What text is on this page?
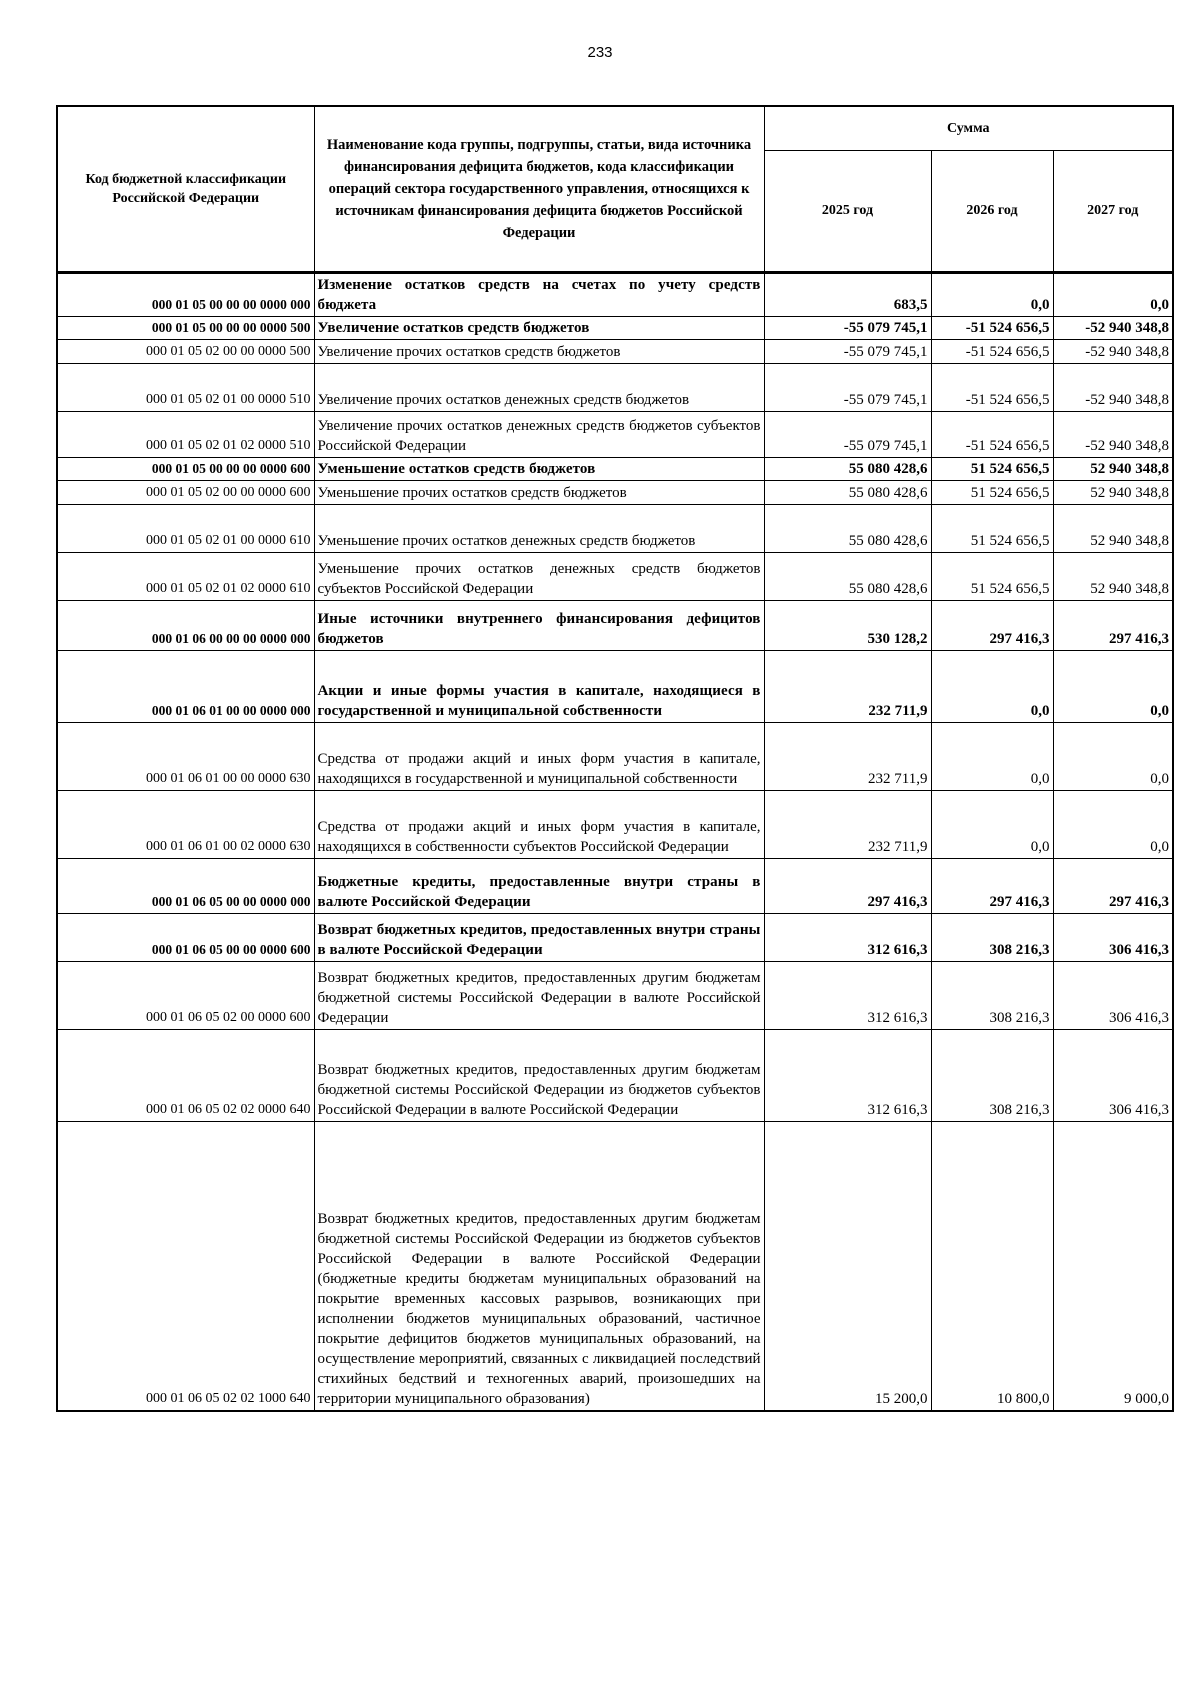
233
Код бюджетной классификации Российской Федерации	Наименование кода группы, подгруппы, статьи, вида источника финансирования дефицита бюджетов, кода классификации операций сектора государственного управления, относящихся к источникам финансирования дефицита бюджетов Российской Федерации	Сумма		
		2025 год	2026 год	2027 год
000 01 05 00 00 00 0000 000	Изменение остатков средств на счетах по учету средств бюджета	683,5	0,0	0,0
000 01 05 00 00 00 0000 500	Увеличение остатков средств бюджетов	-55 079 745,1	-51 524 656,5	-52 940 348,8
000 01 05 02 00 00 0000 500	Увеличение прочих остатков средств бюджетов	-55 079 745,1	-51 524 656,5	-52 940 348,8
000 01 05 02 01 00 0000 510	Увеличение прочих остатков денежных средств бюджетов	-55 079 745,1	-51 524 656,5	-52 940 348,8
000 01 05 02 01 02 0000 510	Увеличение прочих остатков денежных средств бюджетов субъектов Российской Федерации	-55 079 745,1	-51 524 656,5	-52 940 348,8
000 01 05 00 00 00 0000 600	Уменьшение остатков средств бюджетов	55 080 428,6	51 524 656,5	52 940 348,8
000 01 05 02 00 00 0000 600	Уменьшение прочих остатков средств бюджетов	55 080 428,6	51 524 656,5	52 940 348,8
000 01 05 02 01 00 0000 610	Уменьшение прочих остатков денежных средств бюджетов	55 080 428,6	51 524 656,5	52 940 348,8
000 01 05 02 01 02 0000 610	Уменьшение прочих остатков денежных средств бюджетов субъектов Российской Федерации	55 080 428,6	51 524 656,5	52 940 348,8
000 01 06 00 00 00 0000 000	Иные источники внутреннего финансирования дефицитов бюджетов	530 128,2	297 416,3	297 416,3
000 01 06 01 00 00 0000 000	Акции и иные формы участия в капитале, находящиеся в государственной и муниципальной собственности	232 711,9	0,0	0,0
000 01 06 01 00 00 0000 630	Средства от продажи акций и иных форм участия в капитале, находящихся в государственной и муниципальной собственности	232 711,9	0,0	0,0
000 01 06 01 00 02 0000 630	Средства от продажи акций и иных форм участия в капитале, находящихся в собственности субъектов Российской Федерации	232 711,9	0,0	0,0
000 01 06 05 00 00 0000 000	Бюджетные кредиты, предоставленные внутри страны в валюте Российской Федерации	297 416,3	297 416,3	297 416,3
000 01 06 05 00 00 0000 600	Возврат бюджетных кредитов, предоставленных внутри страны в валюте Российской Федерации	312 616,3	308 216,3	306 416,3
000 01 06 05 02 00 0000 600	Возврат бюджетных кредитов, предоставленных другим бюджетам бюджетной системы Российской Федерации в валюте Российской Федерации	312 616,3	308 216,3	306 416,3
000 01 06 05 02 02 0000 640	Возврат бюджетных кредитов, предоставленных другим бюджетам бюджетной системы Российской Федерации из бюджетов субъектов Российской Федерации в валюте Российской Федерации	312 616,3	308 216,3	306 416,3
000 01 06 05 02 02 1000 640	Возврат бюджетных кредитов, предоставленных другим бюджетам бюджетной системы Российской Федерации из бюджетов субъектов Российской Федерации в валюте Российской Федерации (бюджетные кредиты бюджетам муниципальных образований на покрытие временных кассовых разрывов, возникающих при исполнении бюджетов муниципальных образований, частичное покрытие дефицитов бюджетов муниципальных образований, на осуществление мероприятий, связанных с ликвидацией последствий стихийных бедствий и техногенных аварий, произошедших на территории муниципального образования)	15 200,0	10 800,0	9 000,0
